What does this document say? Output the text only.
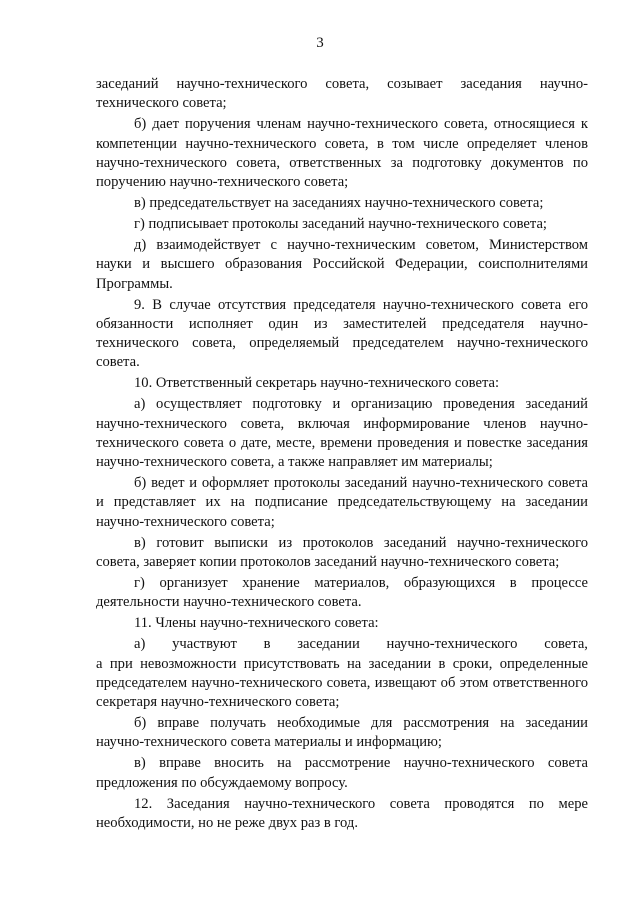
3

заседаний научно-технического совета, созывает заседания научно-технического совета;

б) дает поручения членам научно-технического совета, относящиеся к компетенции научно-технического совета, в том числе определяет членов научно-технического совета, ответственных за подготовку документов по поручению научно-технического совета;

в) председательствует на заседаниях научно-технического совета;

г) подписывает протоколы заседаний научно-технического совета;

д) взаимодействует с научно-техническим советом, Министерством науки и высшего образования Российской Федерации, соисполнителями Программы.

9. В случае отсутствия председателя научно-технического совета его обязанности исполняет один из заместителей председателя научно-технического совета, определяемый председателем научно-технического совета.

10. Ответственный секретарь научно-технического совета:

а) осуществляет подготовку и организацию проведения заседаний научно-технического совета, включая информирование членов научно-технического совета о дате, месте, времени проведения и повестке заседания научно-технического совета, а также направляет им материалы;

б) ведет и оформляет протоколы заседаний научно-технического совета и представляет их на подписание председательствующему на заседании научно-технического совета;

в) готовит выписки из протоколов заседаний научно-технического совета, заверяет копии протоколов заседаний научно-технического совета;

г) организует хранение материалов, образующихся в процессе деятельности научно-технического совета.

11. Члены научно-технического совета:

а) участвуют в заседании научно-технического совета,

а при невозможности присутствовать на заседании в сроки, определенные председателем научно-технического совета, извещают об этом ответственного секретаря научно-технического совета;

б) вправе получать необходимые для рассмотрения на заседании научно-технического совета материалы и информацию;

в) вправе вносить на рассмотрение научно-технического совета предложения по обсуждаемому вопросу.

12. Заседания научно-технического совета проводятся по мере необходимости, но не реже двух раз в год.
